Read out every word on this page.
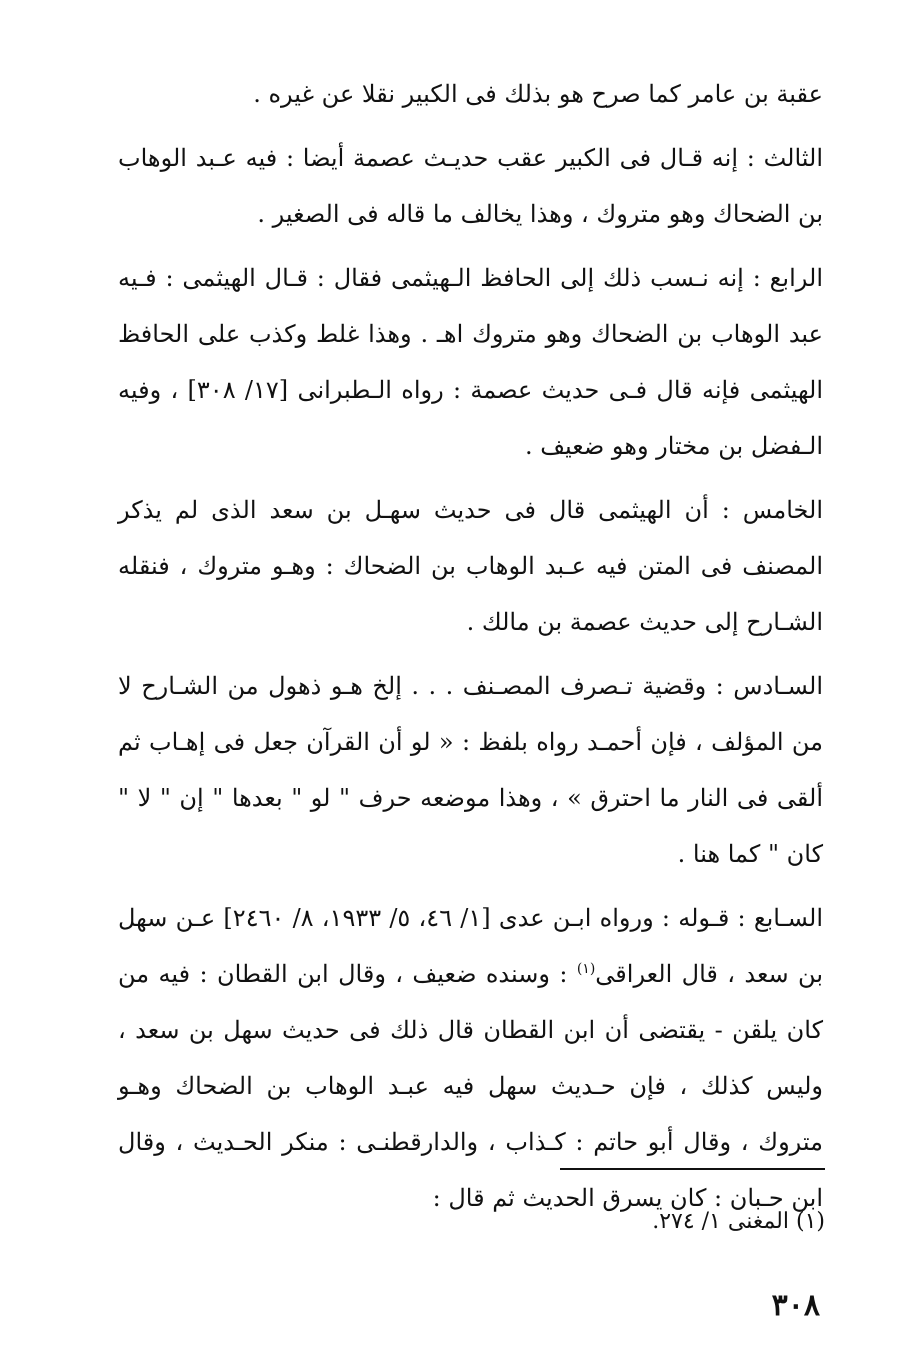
عقبة بن عامر كما صرح هو بذلك فى الكبير نقلا عن غيره .

الثالث : إنه قـال فى الكبير عقب حديـث عصمة أيضا : فيه عـبد الوهاب بن الضحاك وهو متروك ، وهذا يخالف ما قاله فى الصغير .

الرابع : إنه نـسب ذلك إلى الحافظ الـهيثمى فقال : قـال الهيثمى : فـيه عبد الوهاب بن الضحاك وهو متروك اهـ . وهذا غلط وكذب على الحافظ الهيثمى فإنه قال فـى حديث عصمة : رواه الـطبرانى [١٧/ ٣٠٨] ، وفيه الـفضل بن مختار وهو ضعيف .

الخامس : أن الهيثمى قال فى حديث سهـل بن سعد الذى لم يذكر المصنف فى المتن فيه عـبد الوهاب بن الضحاك : وهـو متروك ، فنقله الشـارح إلى حديث عصمة بن مالك .

السـادس : وقضية تـصرف المصـنف . . . إلخ هـو ذهول من الشـارح لا من المؤلف ، فإن أحمـد رواه بلفظ : « لو أن القرآن جعل فى إهـاب ثم ألقى فى النار ما احترق » ، وهذا موضعه حرف " لو " بعدها " إن " لا " كان " كما هنا .

السـابع : قـوله : ورواه ابـن عدى [١/ ٤٦، ٥/ ١٩٣٣، ٨/ ٢٤٦٠] عـن سهل بن سعد ، قال العراقى$^{(١)}$ : وسنده ضعيف ، وقال ابن القطان : فيه من كان يلقن - يقتضى أن ابن القطان قال ذلك فى حديث سهل بن سعد ، وليس كذلك ، فإن حـديث سهل فيه عبـد الوهاب بن الضحاك وهـو متروك ، وقال أبو حاتم : كـذاب ، والدارقطنـى : منكر الحـديث ، وقال ابن حـبان : كان يسرق الحديث ثم قال :

(١) المغنى ١/ ٢٧٤.
٣٠٨
